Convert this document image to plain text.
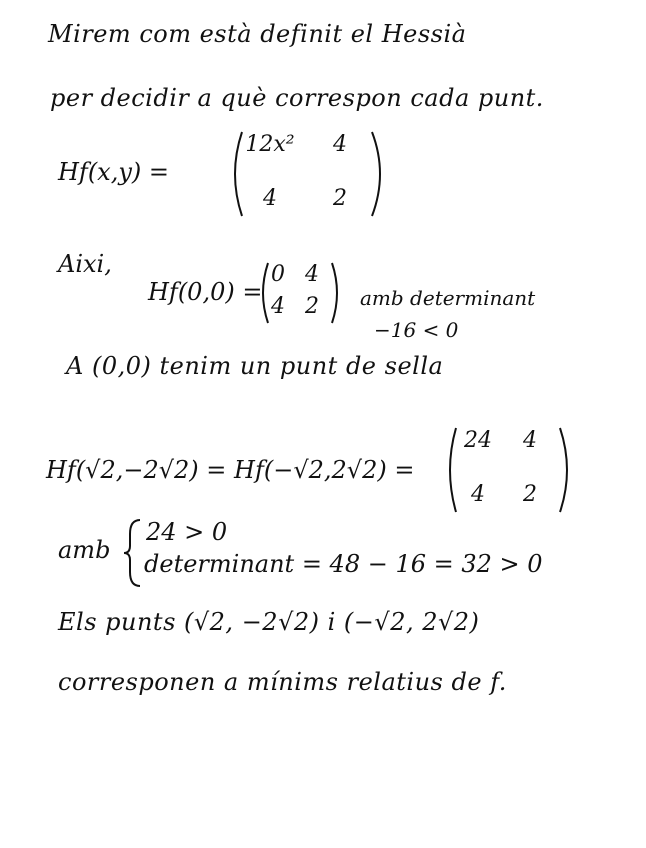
Mirem com està definit el Hessià
per decidir a què correspon cada punt.
Hf(x,y) =
12x²	4
4	2
Aixi,
Hf(0,0) =
0 4
4 2	amb determinant
−16 < 0
A (0,0) tenim un punt de sella
Hf(√2,−2√2) = Hf(−√2,2√2) =
24	4
4	2
amb
24 > 0
determinant = 48 − 16 = 32 > 0
Els punts (√2, −2√2) i (−√2, 2√2)
corresponen a mínims relatius de f.
